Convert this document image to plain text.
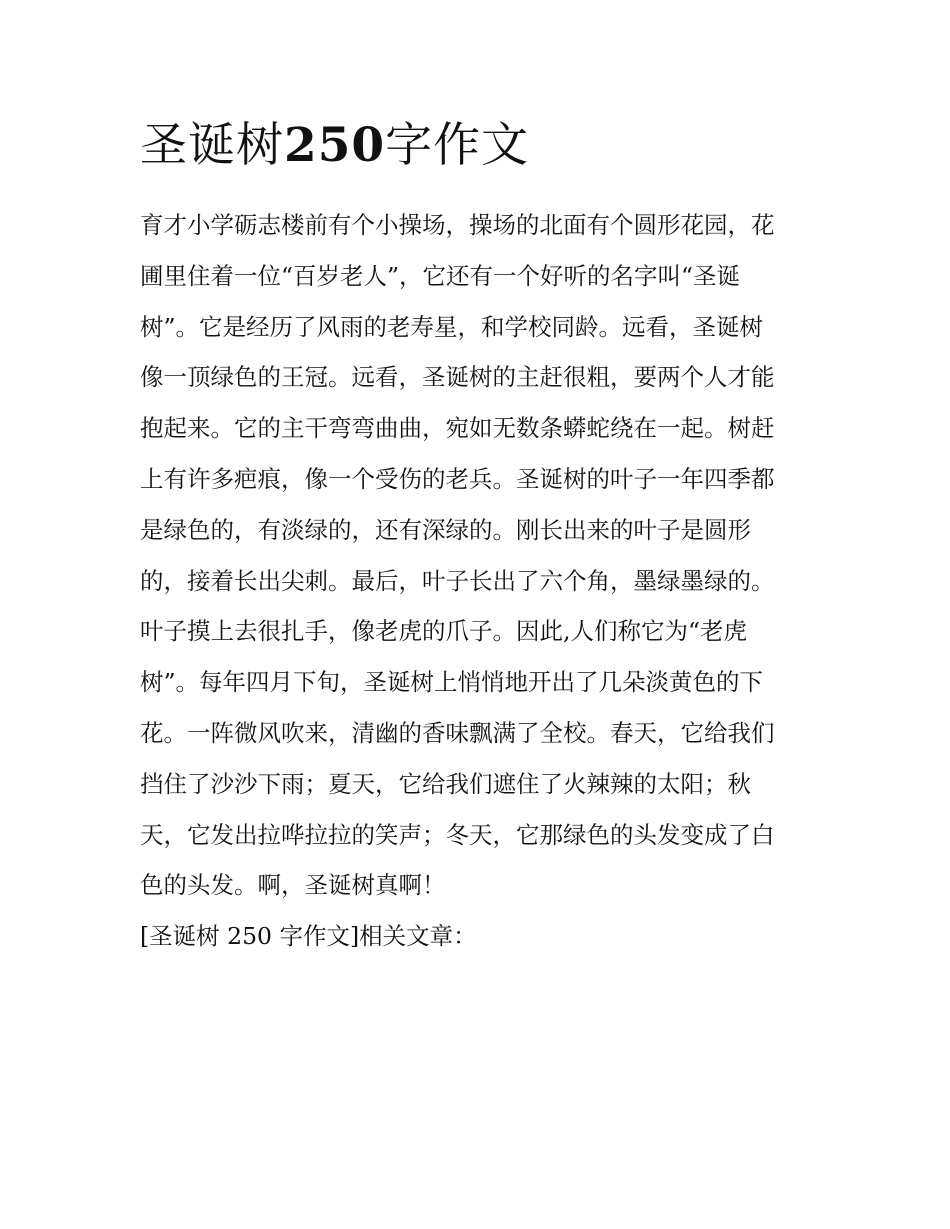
圣诞树250字作文
育才小学砺志楼前有个小操场，操场的北面有个圆形花园，花
圃里住着一位“百岁老人”，它还有一个好听的名字叫“圣诞
树”。它是经历了风雨的老寿星，和学校同龄。远看，圣诞树
像一顶绿色的王冠。远看，圣诞树的主赶很粗，要两个人才能
抱起来。它的主干弯弯曲曲，宛如无数条蟒蛇绕在一起。树赶
上有许多疤痕，像一个受伤的老兵。圣诞树的叶子一年四季都
是绿色的，有淡绿的，还有深绿的。刚长出来的叶子是圆形
的，接着长出尖刺。最后，叶子长出了六个角，墨绿墨绿的。
叶子摸上去很扎手，像老虎的爪子。因此,人们称它为“老虎
树”。每年四月下旬，圣诞树上悄悄地开出了几朵淡黄色的下
花。一阵微风吹来，清幽的香味飘满了全校。春天，它给我们
挡住了沙沙下雨；夏天，它给我们遮住了火辣辣的太阳；秋
天，它发出拉哗拉拉的笑声；冬天，它那绿色的头发变成了白
色的头发。啊，圣诞树真啊！
[圣诞树 250 字作文]相关文章：
